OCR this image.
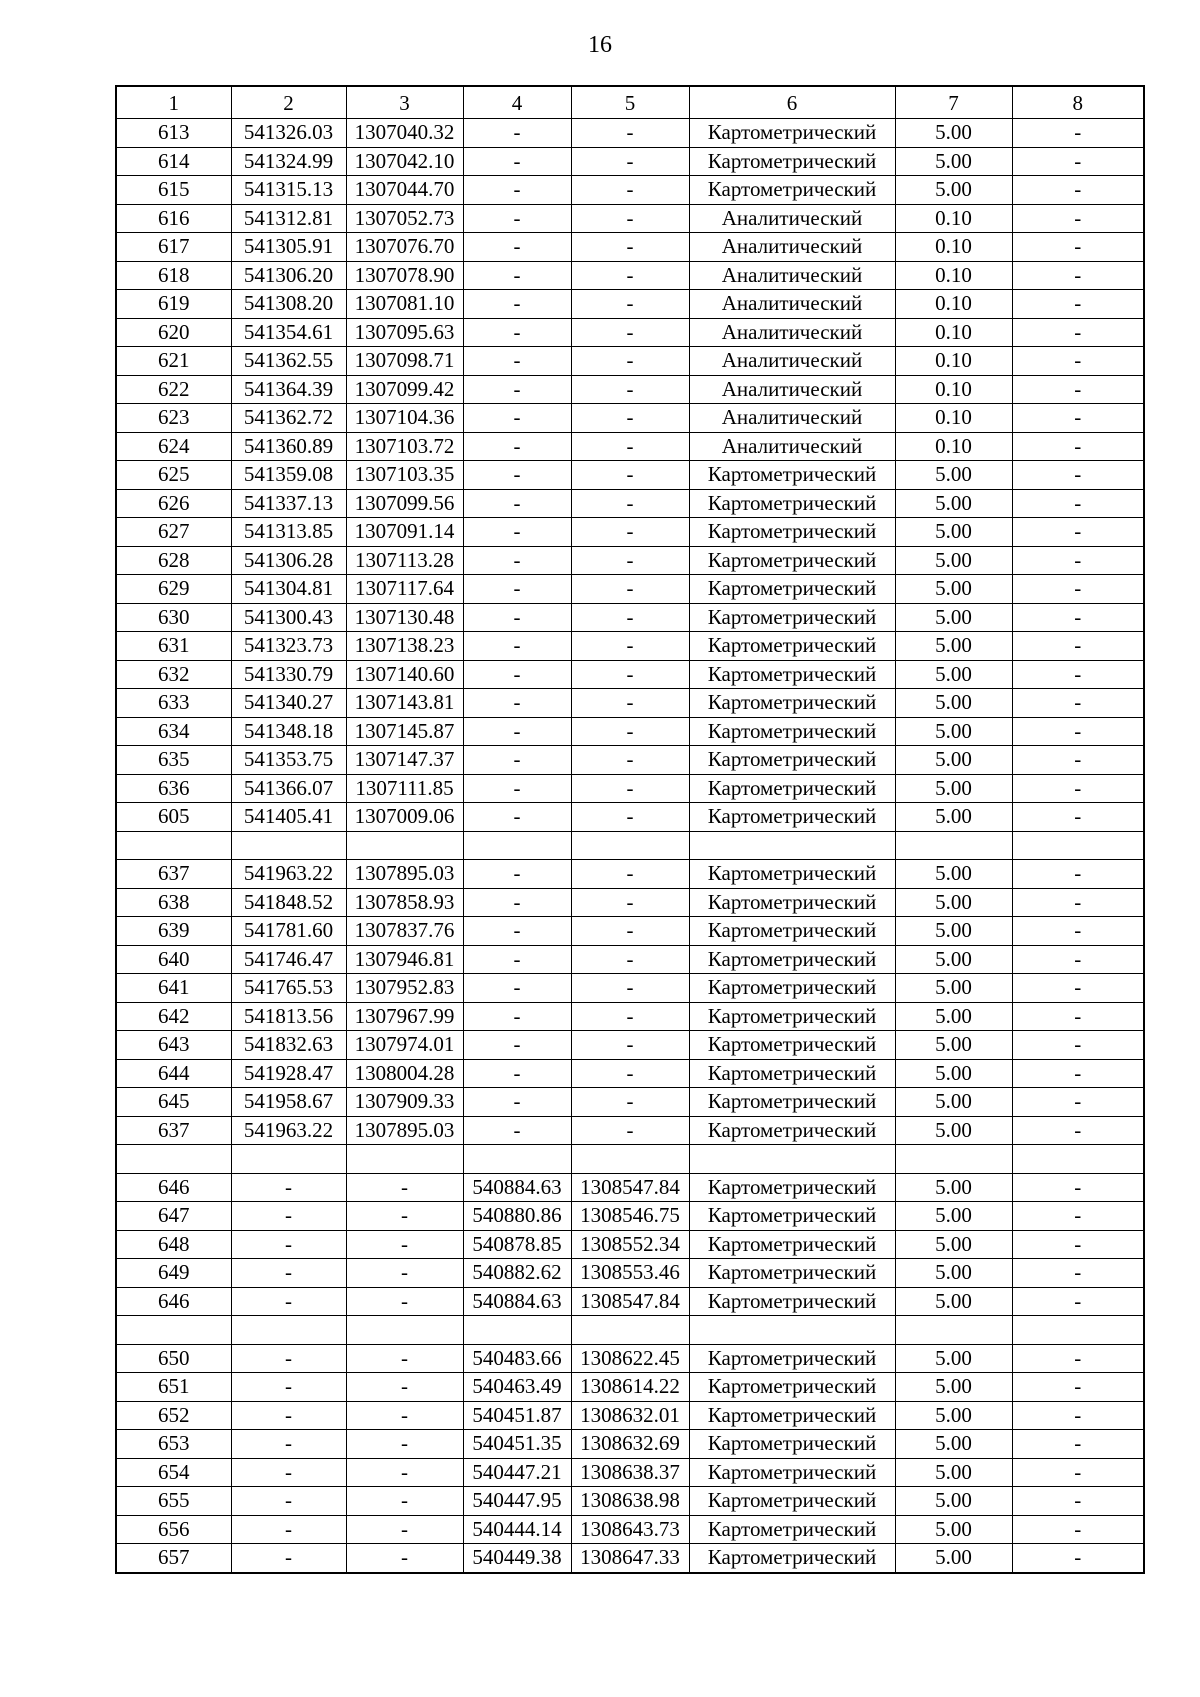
16
1	2	3	4	5	6	7	8
613	541326.03	1307040.32	-	-	Картометрический	5.00	-
614	541324.99	1307042.10	-	-	Картометрический	5.00	-
615	541315.13	1307044.70	-	-	Картометрический	5.00	-
616	541312.81	1307052.73	-	-	Аналитический	0.10	-
617	541305.91	1307076.70	-	-	Аналитический	0.10	-
618	541306.20	1307078.90	-	-	Аналитический	0.10	-
619	541308.20	1307081.10	-	-	Аналитический	0.10	-
620	541354.61	1307095.63	-	-	Аналитический	0.10	-
621	541362.55	1307098.71	-	-	Аналитический	0.10	-
622	541364.39	1307099.42	-	-	Аналитический	0.10	-
623	541362.72	1307104.36	-	-	Аналитический	0.10	-
624	541360.89	1307103.72	-	-	Аналитический	0.10	-
625	541359.08	1307103.35	-	-	Картометрический	5.00	-
626	541337.13	1307099.56	-	-	Картометрический	5.00	-
627	541313.85	1307091.14	-	-	Картометрический	5.00	-
628	541306.28	1307113.28	-	-	Картометрический	5.00	-
629	541304.81	1307117.64	-	-	Картометрический	5.00	-
630	541300.43	1307130.48	-	-	Картометрический	5.00	-
631	541323.73	1307138.23	-	-	Картометрический	5.00	-
632	541330.79	1307140.60	-	-	Картометрический	5.00	-
633	541340.27	1307143.81	-	-	Картометрический	5.00	-
634	541348.18	1307145.87	-	-	Картометрический	5.00	-
635	541353.75	1307147.37	-	-	Картометрический	5.00	-
636	541366.07	1307111.85	-	-	Картометрический	5.00	-
605	541405.41	1307009.06	-	-	Картометрический	5.00	-

637	541963.22	1307895.03	-	-	Картометрический	5.00	-
638	541848.52	1307858.93	-	-	Картометрический	5.00	-
639	541781.60	1307837.76	-	-	Картометрический	5.00	-
640	541746.47	1307946.81	-	-	Картометрический	5.00	-
641	541765.53	1307952.83	-	-	Картометрический	5.00	-
642	541813.56	1307967.99	-	-	Картометрический	5.00	-
643	541832.63	1307974.01	-	-	Картометрический	5.00	-
644	541928.47	1308004.28	-	-	Картометрический	5.00	-
645	541958.67	1307909.33	-	-	Картометрический	5.00	-
637	541963.22	1307895.03	-	-	Картометрический	5.00	-

646	-	-	540884.63	1308547.84	Картометрический	5.00	-
647	-	-	540880.86	1308546.75	Картометрический	5.00	-
648	-	-	540878.85	1308552.34	Картометрический	5.00	-
649	-	-	540882.62	1308553.46	Картометрический	5.00	-
646	-	-	540884.63	1308547.84	Картометрический	5.00	-

650	-	-	540483.66	1308622.45	Картометрический	5.00	-
651	-	-	540463.49	1308614.22	Картометрический	5.00	-
652	-	-	540451.87	1308632.01	Картометрический	5.00	-
653	-	-	540451.35	1308632.69	Картометрический	5.00	-
654	-	-	540447.21	1308638.37	Картометрический	5.00	-
655	-	-	540447.95	1308638.98	Картометрический	5.00	-
656	-	-	540444.14	1308643.73	Картометрический	5.00	-
657	-	-	540449.38	1308647.33	Картометрический	5.00	-
